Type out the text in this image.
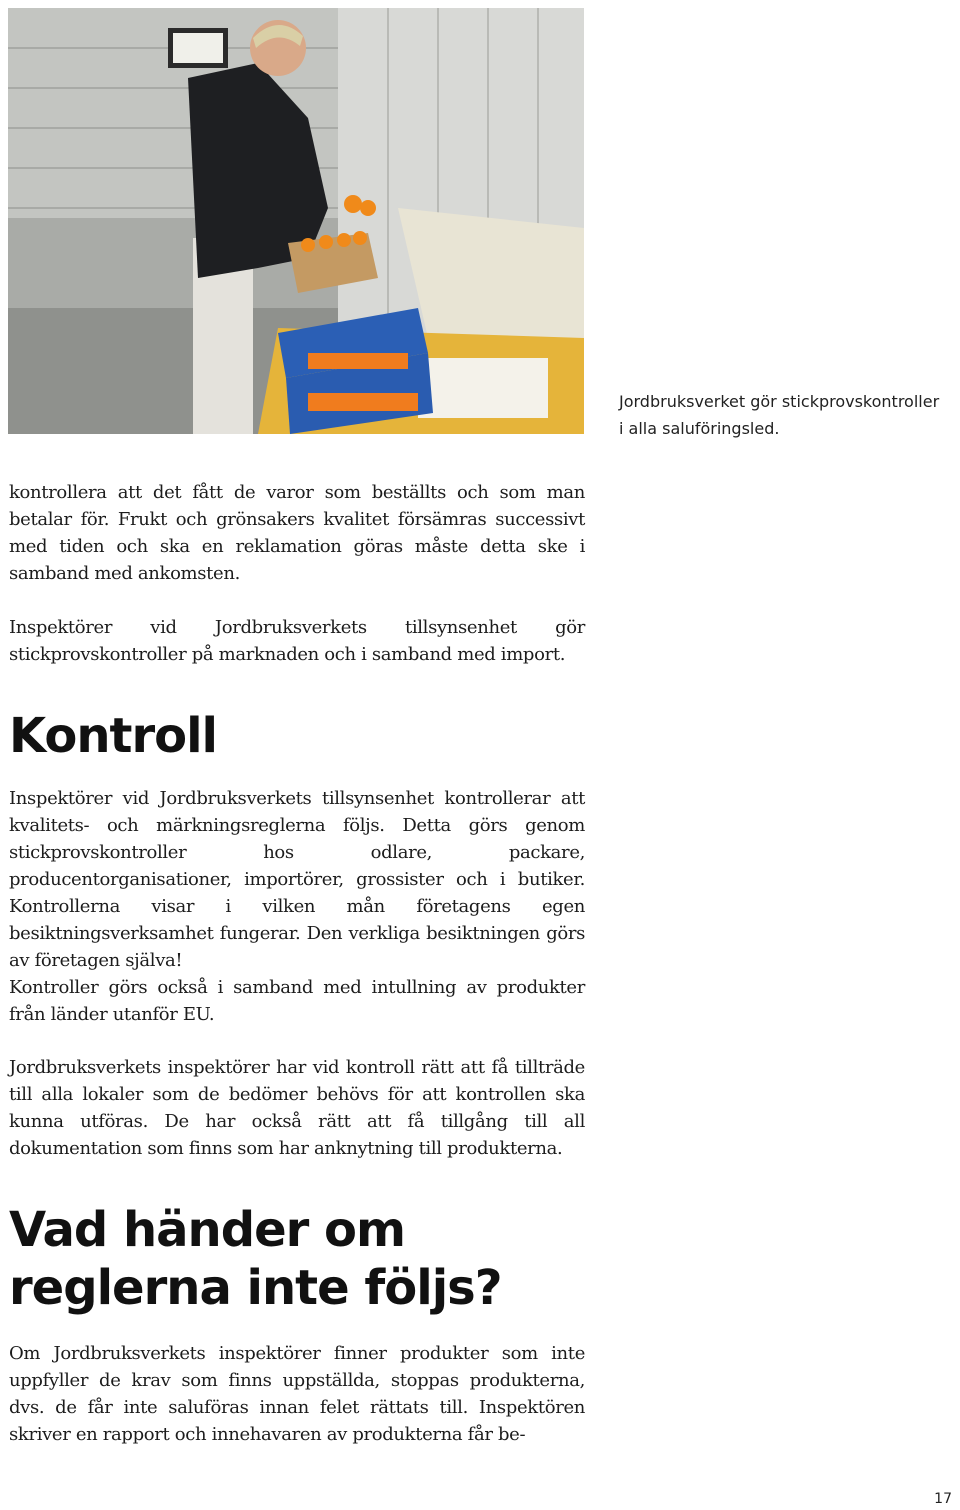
Jordbruksverket gör stickprovskontroller
i alla saluföringsled.

kontrollera att det fått de varor som beställts och som man betalar för. Frukt och grönsakers kvalitet försämras successivt med tiden och ska en reklamation göras måste detta ske i samband med ankomsten.

Inspektörer vid Jordbruksverkets tillsynsenhet gör stickprovskontroller på marknaden och i samband med import.

Kontroll

Inspektörer vid Jordbruksverkets tillsynsenhet kontrollerar att kvalitets- och märkningsreglerna följs. Detta görs genom stickprovskontroller hos odlare, packare, producentorganisationer, importörer, grossister och i butiker. Kontrollerna visar i vilken mån företagens egen besiktningsverksamhet fungerar. Den verkliga besiktningen görs av företagen själva!

Kontroller görs också i samband med intullning av produkter från länder utanför EU.

Jordbruksverkets inspektörer har vid kontroll rätt att få tillträde till alla lokaler som de bedömer behövs för att kontrollen ska kunna utföras. De har också rätt att få tillgång till all dokumentation som finns som har anknytning till produkterna.

Vad händer om
reglerna inte följs?

Om Jordbruksverkets inspektörer finner produkter som inte uppfyller de krav som finns uppställda, stoppas produkterna, dvs. de får inte saluföras innan felet rättats till. Inspektören skriver en rapport och innehavaren av produkterna får be-

17
